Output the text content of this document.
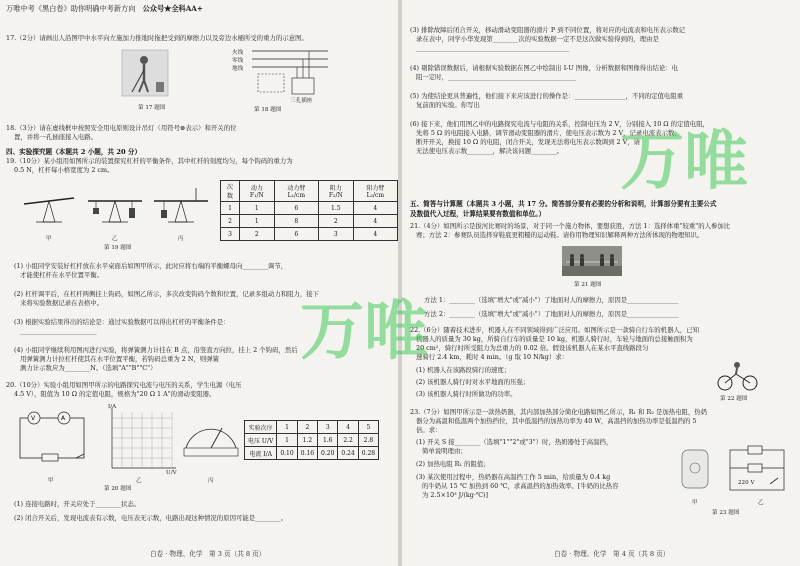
万唯中考《黑白卷》助你明确中考新方向　 公众号★全科AA+
17.（2分）请画出人沿图甲中水平向左施加力推地时拖把受到的摩擦力以及旁边水桶所受的重力的示意图。
第 17 题图
火线
零线
地线
三孔插座
第 18 题图
18.（3分）请在虚线框中按照安全用电原则设计吊灯（用符号⊗表示）和开关的位
置，并将一孔插座接入电路。
四、实验探究题（本题共 2 小题，共 20 分）
19.（10分）某小组用如图所示的装置探究杠杆的平衡条件，其中杠杆的刻度均匀，每个钩码的重力为
0.5 N，杠杆每小格宽度为 2 cm。
甲	乙	丙
第 19 题图
次数	动力 F₁/N	动力臂 L₁/cm	阻力 F₂/N	阻力臂 L₂/cm
1	1	6	1.5	4
2	1	8	2	4
3	2	6	3	4
(1) 小组同学安装好杠杆放在水平桌面后如图甲所示，此时应将右端的平衡螺母向________调节，
才能使杠杆在水平位置平衡。
(2) 杠杆调平后，在杠杆两侧挂上钩码，如图乙所示，多次改变钩码个数和位置，记录多组动力和阻力，接下
来将实验数据记录在表格中。
(3) 根据实验结果得出的结论是：通过实验数据可以得出杠杆的平衡条件是：
________________________
(4) 小组同学继续利用图丙进行实验，将弹簧测力计挂在 B 点，沿竖直方向拉，挂上 2 个钩码，然后
用弹簧测力计拉杠杆使其在水平位置平衡，若钩码总重为 2 N，则弹簧
测力计示数应为________N。（选填"A""B""C"）
20.（10分）实验小组用如图甲所示的电路探究电流与电压的关系，学生电源（电压
4.5 V），阻值为 10 Ω 的定值电阻，规格为"20 Ω 1 A"的滑动变阻器。
V	A
I/A
U/V
甲	乙	丙
第 20 题图
实验次序	1	2	3	4	5
电压 U/V	1	1.2	1.6	2.2	2.8
电流 I/A	0.10	0.16	0.20	0.24	0.28
(1) 连接电路时，开关应处于________状态。
(2) 闭合开关后，发现电流表有示数，电压表无示数，电路出现这种情况的原因可能是________。
白卷 · 物理、化学　第 3 页（共 8 页）
(3) 排除故障后闭合开关，移动滑动变阻器的滑片 P 到不同位置，将对应的电流表和电压表示数记
录在表中，同学小华发现第________次的实验数据一定不是这次做实验得到的，理由是
________________________________________________
(4) 剔除错误数据后，请根据实验数据在图乙中绘制出 I-U 图像，分析数据和图像得出结论：电
阻一定时，________________________________________
(5) 为使结论更具普遍性，他们接下来应该进行的操作是：________________，不同的定值电阻重
复前面的实验。你写出
(6) 接下来，他们用图乙中的电路探究电流与电阻的关系，控制电压为 2 V，分别接入 10 Ω 的定值电阻，
先将 5 Ω 的电阻接入电路，调节滑动变阻器的滑片，使电压表示数为 2 V，记录电流表示数，
断开开关，换接 10 Ω 的电阻，闭合开关，发现无法将电压表示数调到 2 V，请
无法使电压表示数________，解决该问题________。
五、简答与计算题（本题共 3 小题，共 17 分。简答部分要有必要的分析和说明，计算部分要有主要公式
及数值代入过程，计算结果要有数值和单位。）
21.（4分）如图所示是拔河比赛时的场景，对于同一个施力物体，要想获胜，方法 1：选择体重"较重"的人参加比
赛；方法 2：参赛队员选择穿鞋底更粗糙的运动鞋。请你用物理知识解释两种方法所体现的物理知识。
第 21 题图
方法 1：________（选填"增大"或"减小"）了地面对人的摩擦力，原因是________________
方法 2：________（选填"增大"或"减小"）了地面对人的摩擦力，原因是________________
22.（6分）随着技术进步，机器人在不同领域得到广泛应用。如图所示是一款骑自行车的机器人，已知
机器人的质量为 30 kg，所骑自行车的质量是 10 kg，机器人骑行时，车轮与地面的总接触面积为
20 cm²，骑行时所受阻力为总重力的 0.02 倍。假设该机器人在某水平直线路段匀
速骑行 2.4 km，耗时 4 min。（g 取 10 N/kg）求：
(1) 机器人在该路段骑行的速度；
(2) 该机器人骑行时对水平地面的压强；
(3) 该机器人骑行时所做功的功率。
第 22 题图
23.（7分）如图甲所示是一款热奶器，其内部加热部分简化电路如图乙所示，R₁ 和 R₂ 是加热电阻，热奶
器分为高温和低温两个加热挡位，其中低温挡的加热功率为 40 W，高温挡的加热功率是低温挡的 5
倍。求：
(1) 开关 S 接________（选填"1""2"或"3"）时，热奶器处于高温挡，
简单说明理由；
(2) 加热电阻 R₁ 的阻值；
(3) 某次使用过程中，热奶器在高温挡工作 5 min，给质量为 0.4 kg
的牛奶从 15 ℃ 加热到 60 ℃，求高温挡的加热效率。[牛奶的比热容
为 2.5×10³ J/(kg·℃)]
220 V
甲	乙
第 23 题图
白卷 · 物理、化学　第 4 页（共 8 页）
万唯
万唯
